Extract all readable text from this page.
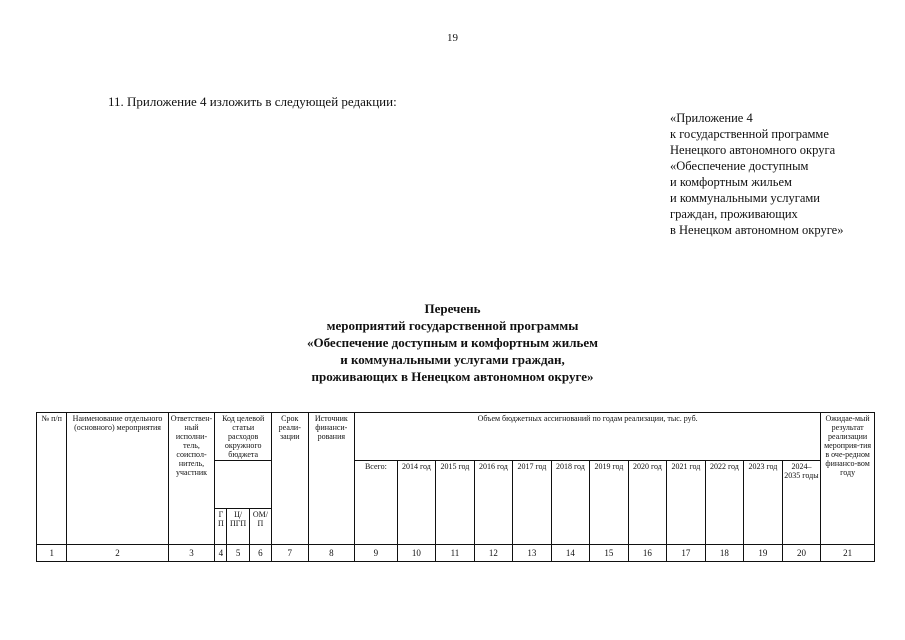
19
11. Приложение 4 изложить в следующей редакции:
«Приложение 4
к государственной программе
Ненецкого автономного округа
«Обеспечение доступным
и комфортным жильем
и коммунальными услугами
граждан, проживающих
в Ненецком автономном округе»
Перечень
мероприятий государственной программы
«Обеспечение доступным и комфортным жильем
и коммунальными услугами граждан,
проживающих в Ненецком автономном округе»
№ п/п	Наименование отдельного (основного) мероприятия	Ответствен-ный исполни-тель, соиспол-нитель, участник	Код целевой статьи расходов окружного бюджета			Срок реали-зации	Источник финанси-рования	Объем бюджетных ассигнований по годам реализации, тыс. руб.												Ожидае-мый результат реализации мероприя-тия в оче-редном финансо-вом году
								Всего:	2014 год	2015 год	2016 год	2017 год	2018 год	2019 год	2020 год	2021 год	2022 год	2023 год	2024–2035 годы	
			ГП	Ц/ ПГП	ОМ/ П															
1	2	3	4	5	6	7	8	9	10	11	12	13	14	15	16	17	18	19	20	21
